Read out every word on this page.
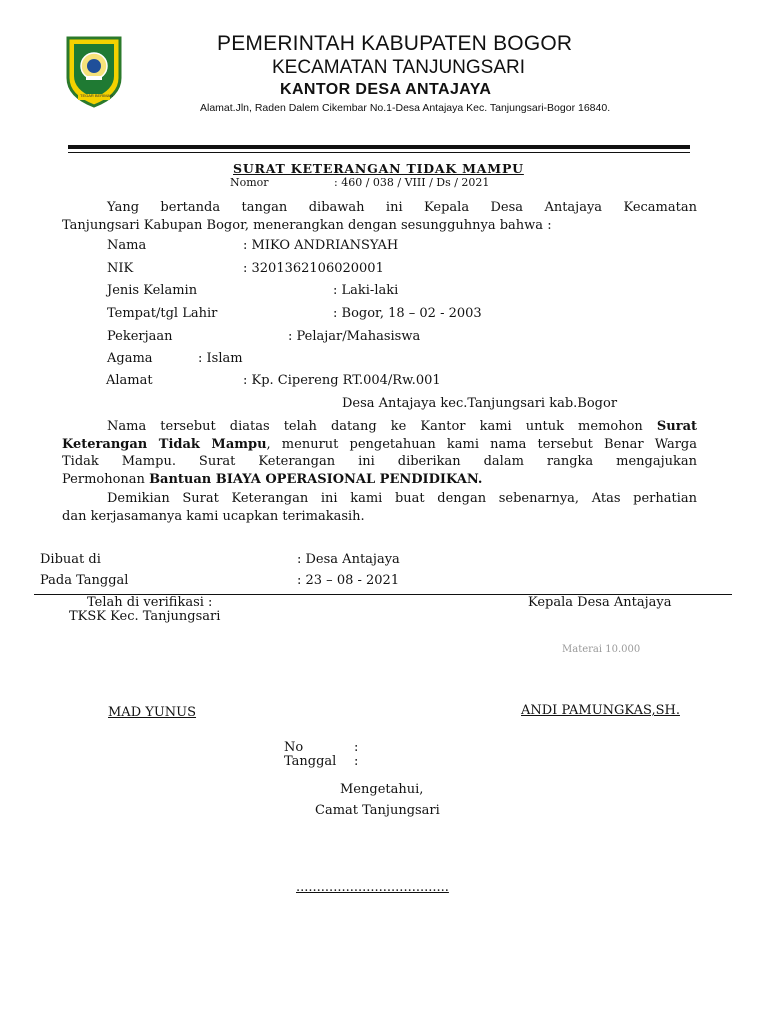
TEGAR BERIMAN
PEMERINTAH KABUPATEN BOGOR
KECAMATAN TANJUNGSARI
KANTOR DESA ANTAJAYA
Alamat.Jln, Raden Dalem Cikembar No.1-Desa Antajaya Kec. Tanjungsari-Bogor 16840.
SURAT KETERANGAN TIDAK MAMPU
Nomor	: 460 / 038 / VIII / Ds / 2021
Yang bertanda tangan dibawah ini Kepala Desa Antajaya Kecamatan
Tanjungsari Kabupan Bogor, menerangkan dengan sesungguhnya bahwa :
Nama	: MIKO ANDRIANSYAH
NIK	: 3201362106020001
Jenis Kelamin	: Laki-laki
Tempat/tgl Lahir	: Bogor, 18 – 02 - 2003
Pekerjaan	: Pelajar/Mahasiswa
Agama	: Islam
Alamat	: Kp. Cipereng RT.004/Rw.001
Desa Antajaya kec.Tanjungsari kab.Bogor
Nama tersebut diatas telah datang ke Kantor kami untuk memohon Surat
Keterangan Tidak Mampu, menurut pengetahuan kami nama tersebut Benar Warga
Tidak Mampu. Surat Keterangan ini diberikan dalam rangka mengajukan
Permohonan Bantuan BIAYA OPERASIONAL PENDIDIKAN.
Demikian Surat Keterangan ini kami buat dengan sebenarnya, Atas perhatian
dan kerjasamanya kami ucapkan terimakasih.
Dibuat di	: Desa Antajaya
Pada Tanggal	: 23 – 08 - 2021
Telah di verifikasi :
TKSK Kec. Tanjungsari
Kepala Desa Antajaya
Materai 10.000
MAD YUNUS	ANDI PAMUNGKAS,SH.
No	:
Tanggal :
Mengetahui,
Camat Tanjungsari
.....................................
